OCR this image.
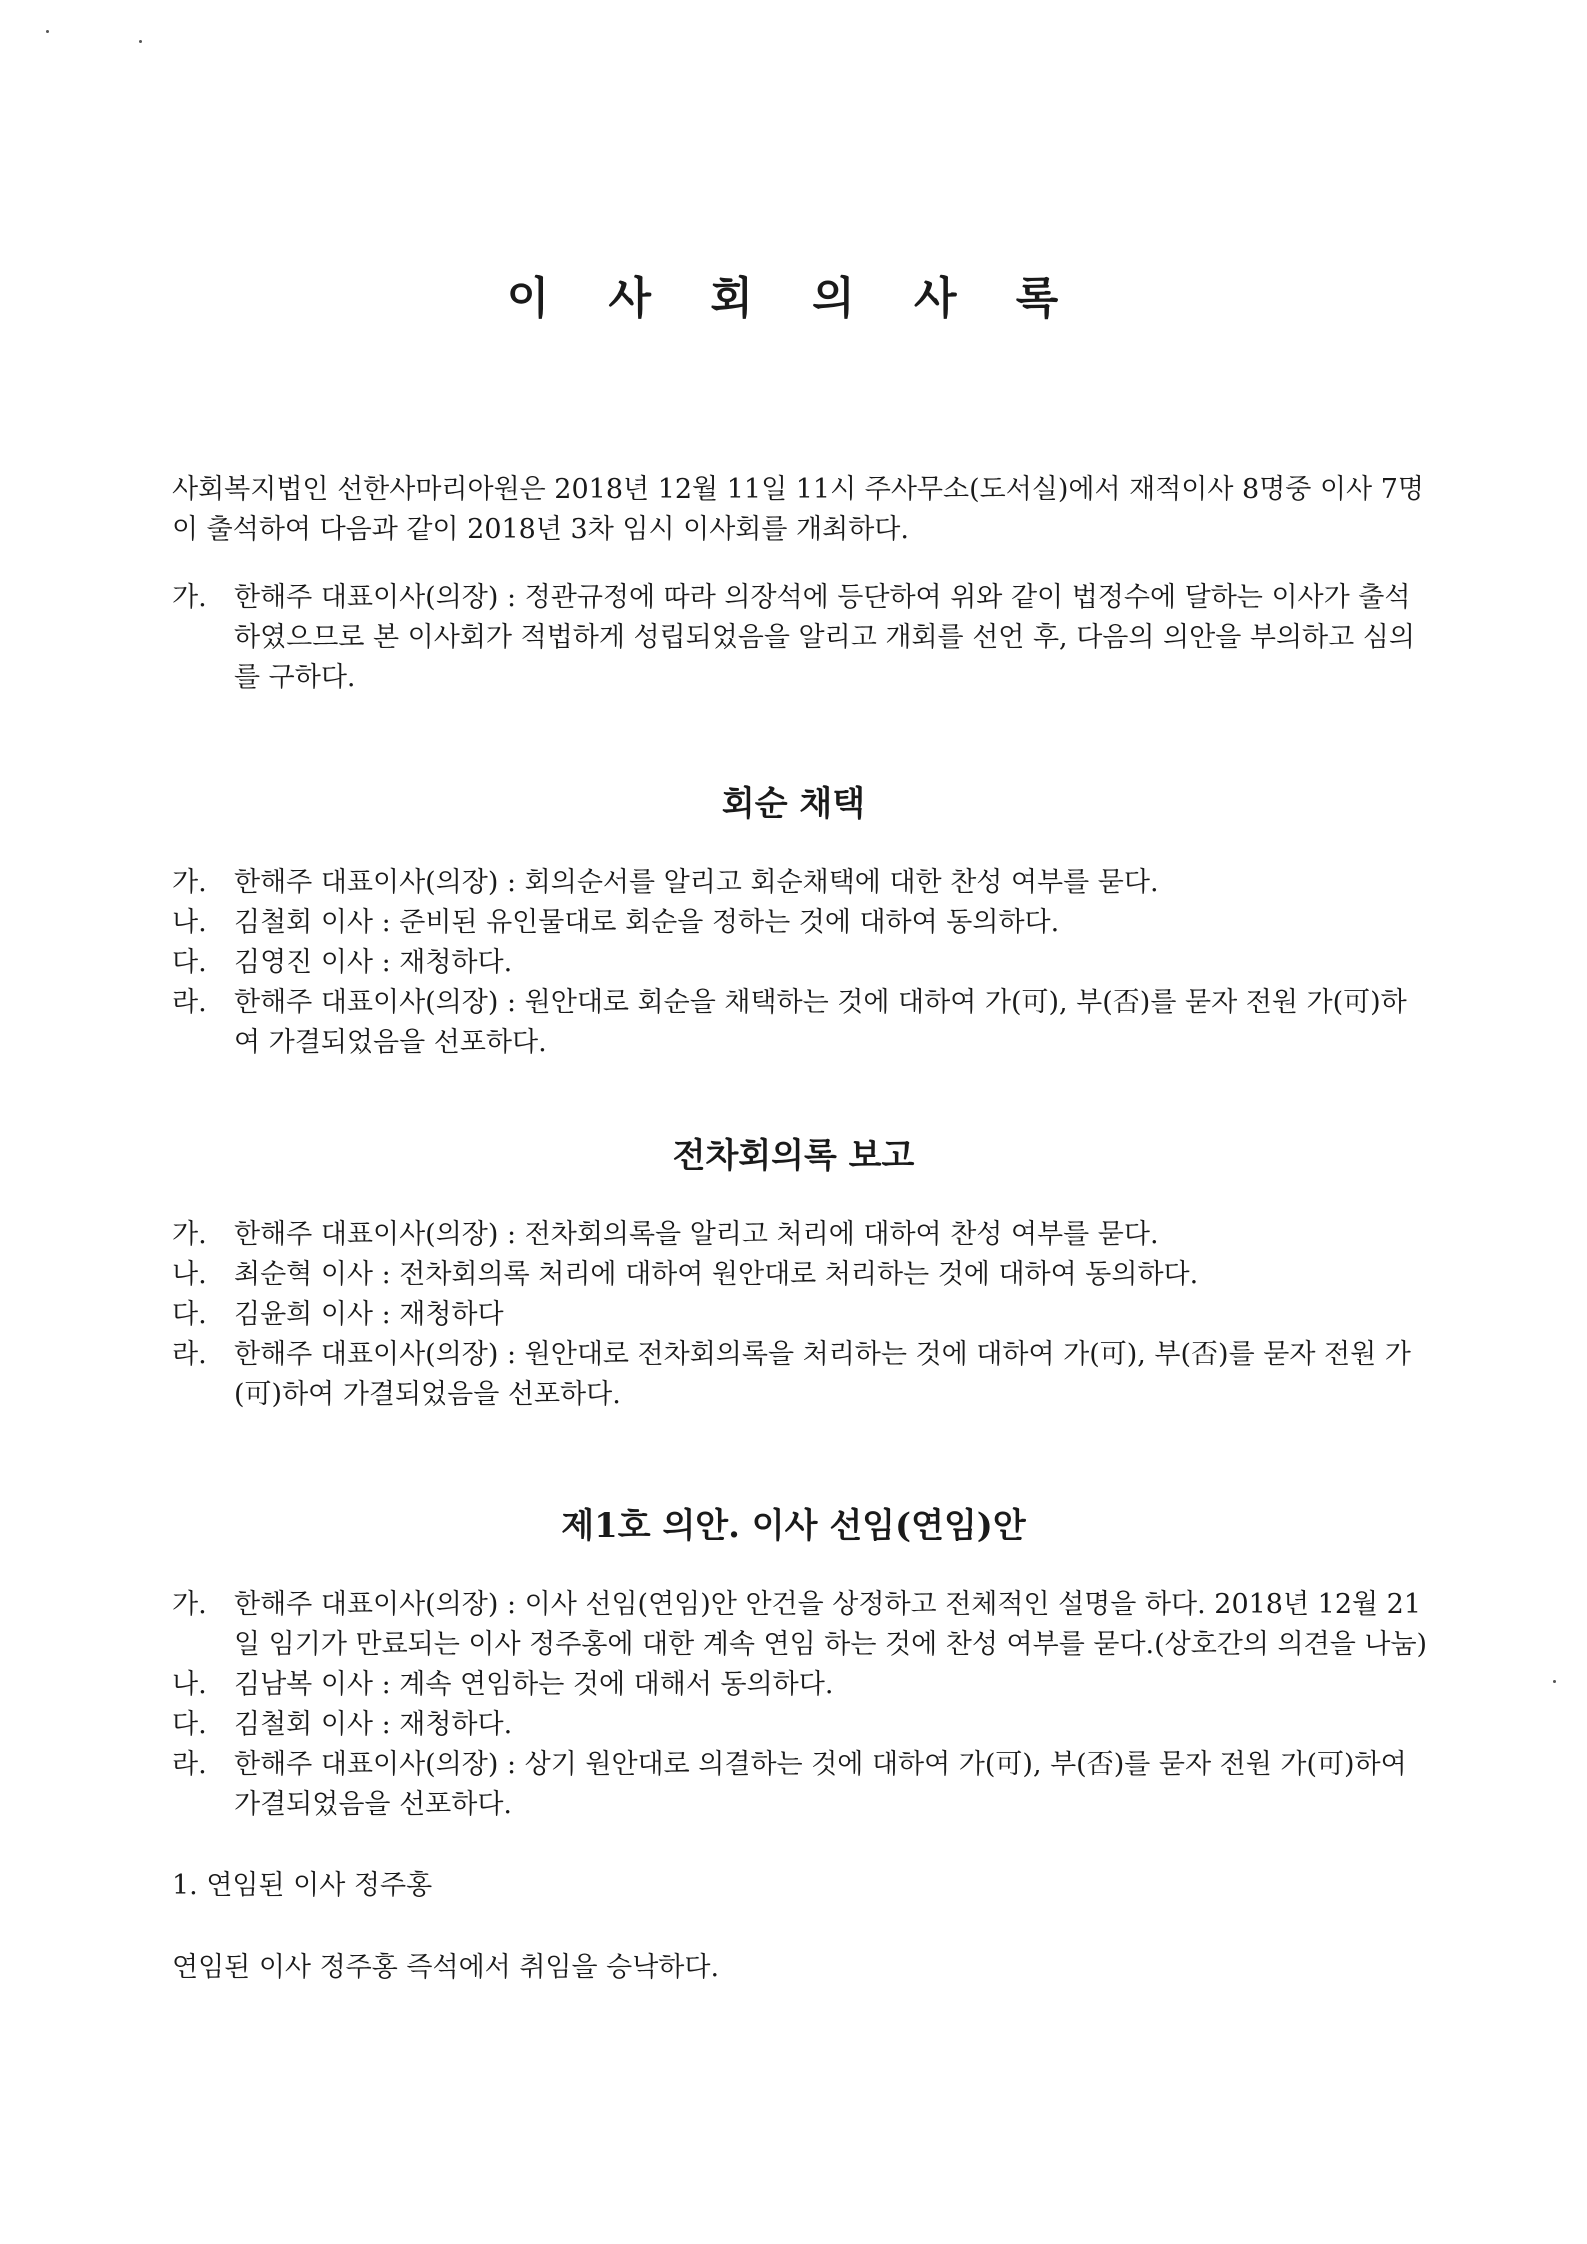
이 사 회 의 사 록
사회복지법인 선한사마리아원은 2018년 12월 11일 11시 주사무소(도서실)에서 재적이사 8명중 이사 7명이 출석하여 다음과 같이 2018년 3차 임시 이사회를 개최하다.
가.	한해주 대표이사(의장) : 정관규정에 따라 의장석에 등단하여 위와 같이 법정수에 달하는 이사가 출석하였으므로 본 이사회가 적법하게 성립되었음을 알리고 개회를 선언 후, 다음의 의안을 부의하고 심의를 구하다.
회순 채택
가.	한해주 대표이사(의장) : 회의순서를 알리고 회순채택에 대한 찬성 여부를 묻다.
나.	김철회 이사 : 준비된 유인물대로 회순을 정하는 것에 대하여 동의하다.
다.	김영진 이사 : 재청하다.
라.	한해주 대표이사(의장) : 원안대로 회순을 채택하는 것에 대하여 가(可), 부(否)를 묻자 전원 가(可)하여 가결되었음을 선포하다.
전차회의록 보고
가.	한해주 대표이사(의장) : 전차회의록을 알리고 처리에 대하여 찬성 여부를 묻다.
나.	최순혁 이사 : 전차회의록 처리에 대하여 원안대로 처리하는 것에 대하여 동의하다.
다.	김윤희 이사 : 재청하다
라.	한해주 대표이사(의장) : 원안대로 전차회의록을 처리하는 것에 대하여 가(可), 부(否)를 묻자 전원 가(可)하여 가결되었음을 선포하다.
제1호 의안. 이사 선임(연임)안
가.	한해주 대표이사(의장) : 이사 선임(연임)안 안건을 상정하고 전체적인 설명을 하다. 2018년 12월 21일 임기가 만료되는 이사 정주홍에 대한 계속 연임 하는 것에 찬성 여부를 묻다.(상호간의 의견을 나눔)
나.	김남복 이사 : 계속 연임하는 것에 대해서 동의하다.
다.	김철회 이사 : 재청하다.
라.	한해주 대표이사(의장) : 상기 원안대로 의결하는 것에 대하여 가(可), 부(否)를 묻자 전원 가(可)하여 가결되었음을 선포하다.
1. 연임된 이사 정주홍
연임된 이사 정주홍 즉석에서 취임을 승낙하다.
